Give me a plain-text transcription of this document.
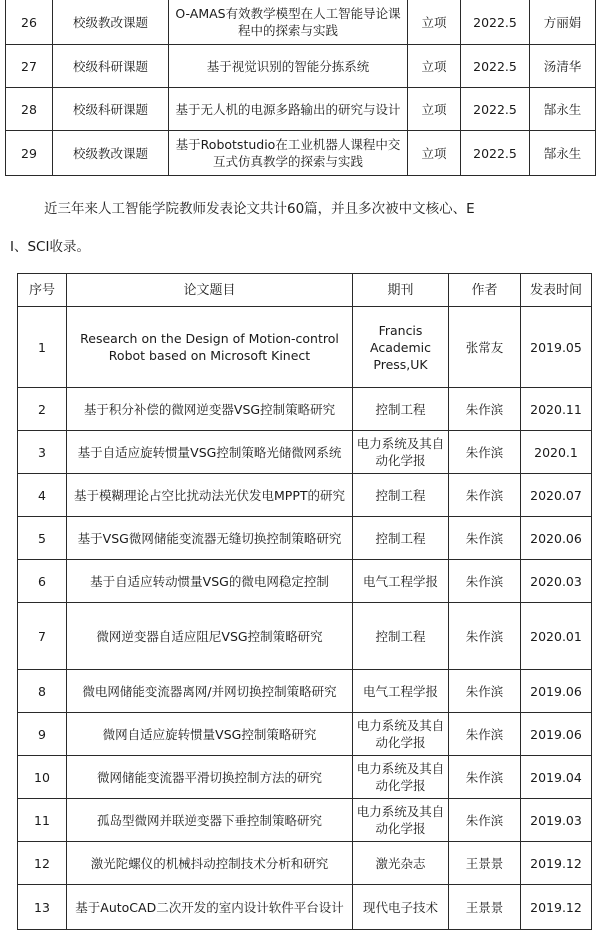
26	校级教改课题	O-AMAS有效教学模型在人工智能导论课程中的探索与实践	立项	2022.5	方丽娟
27	校级科研课题	基于视觉识别的智能分拣系统	立项	2022.5	汤清华
28	校级科研课题	基于无人机的电源多路输出的研究与设计	立项	2022.5	郜永生
29	校级教改课题	基于Robotstudio在工业机器人课程中交互式仿真教学的探索与实践	立项	2022.5	郜永生

近三年来人工智能学院教师发表论文共计60篇，并且多次被中文核心、E

I、SCI收录。

序号	论文题目	期刊	作者	发表时间
1	Research on the Design of Motion-control Robot based on Microsoft Kinect	Francis Academic Press,UK	张常友	2019.05
2	基于积分补偿的微网逆变器VSG控制策略研究	控制工程	朱作滨	2020.11
3	基于自适应旋转惯量VSG控制策略光储微网系统	电力系统及其自动化学报	朱作滨	2020.1
4	基于模糊理论占空比扰动法光伏发电MPPT的研究	控制工程	朱作滨	2020.07
5	基于VSG微网储能变流器无缝切换控制策略研究	控制工程	朱作滨	2020.06
6	基于自适应转动惯量VSG的微电网稳定控制	电气工程学报	朱作滨	2020.03
7	微网逆变器自适应阻尼VSG控制策略研究	控制工程	朱作滨	2020.01
8	微电网储能变流器离网/并网切换控制策略研究	电气工程学报	朱作滨	2019.06
9	微网自适应旋转惯量VSG控制策略研究	电力系统及其自动化学报	朱作滨	2019.06
10	微网储能变流器平滑切换控制方法的研究	电力系统及其自动化学报	朱作滨	2019.04
11	孤岛型微网并联逆变器下垂控制策略研究	电力系统及其自动化学报	朱作滨	2019.03
12	激光陀螺仪的机械抖动控制技术分析和研究	激光杂志	王景景	2019.12
13	基于AutoCAD二次开发的室内设计软件平台设计	现代电子技术	王景景	2019.12
